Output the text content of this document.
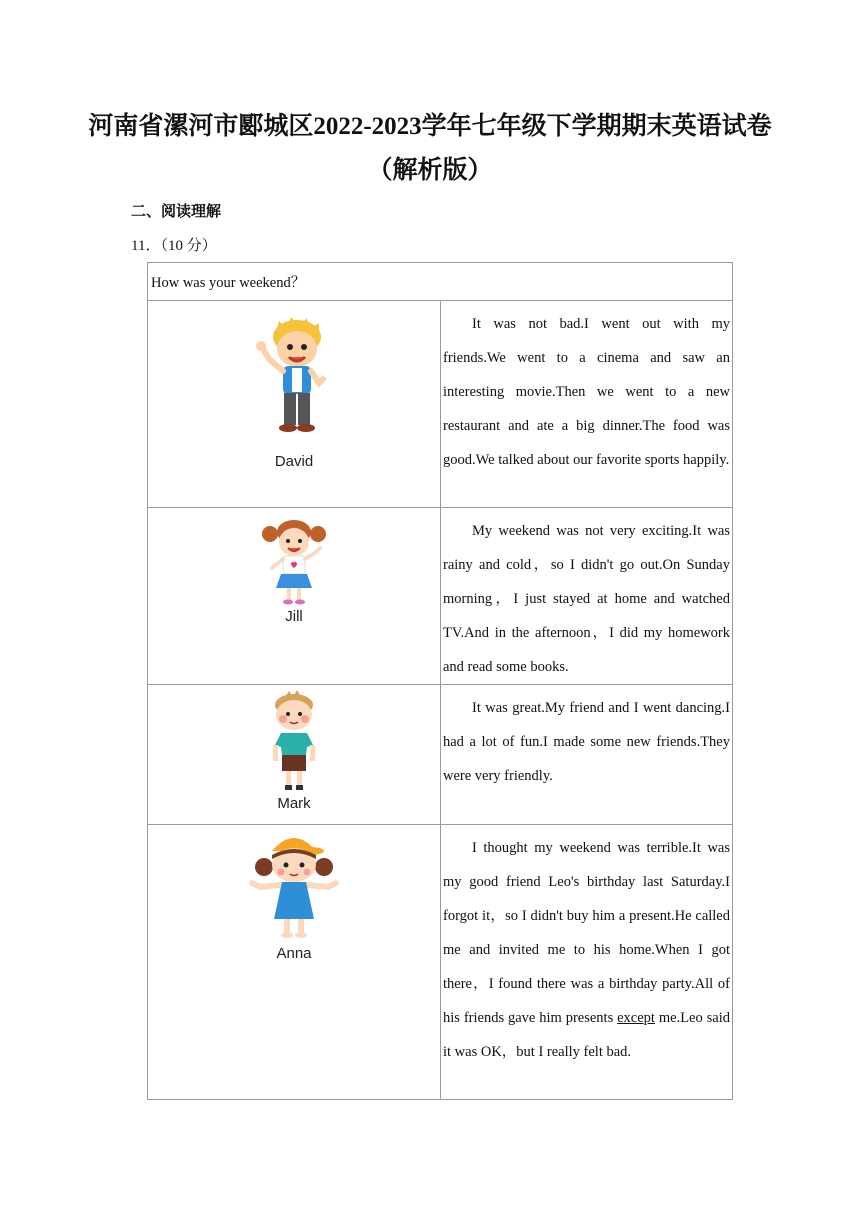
河南省漯河市郾城区2022-2023学年七年级下学期期末英语试卷
（解析版）
二、阅读理解
11．（10 分）
How was your weekend？	

David	It was not bad.I went out with my friends.We went to a cinema and saw an interesting movie.Then we went to a new restaurant and ate a big dinner.The food was good.We talked about our favorite sports happily.

Jill	My weekend was not very exciting.It was rainy and cold，so I didn't go out.On Sunday morning，I just stayed at home and watched TV.And in the afternoon，I did my homework and read some books.

Mark	It was great.My friend and I went dancing.I had a lot of fun.I made some new friends.They were very friendly.

Anna	I thought my weekend was terrible.It was my good friend Leo's birthday last Saturday.I forgot it，so I didn't buy him a present.He called me and invited me to his home.When I got there，I found there was a birthday party.All of his friends gave him presents except me.Leo said it was OK，but I really felt bad.
